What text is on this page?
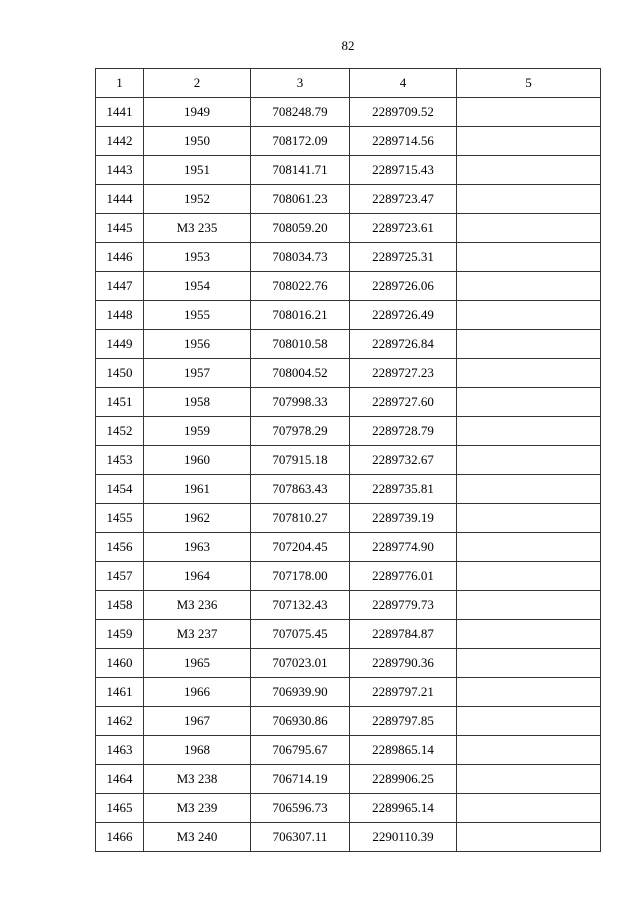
82
1	2	3	4	5
1441	1949	708248.79	2289709.52	
1442	1950	708172.09	2289714.56	
1443	1951	708141.71	2289715.43	
1444	1952	708061.23	2289723.47	
1445	МЗ 235	708059.20	2289723.61	
1446	1953	708034.73	2289725.31	
1447	1954	708022.76	2289726.06	
1448	1955	708016.21	2289726.49	
1449	1956	708010.58	2289726.84	
1450	1957	708004.52	2289727.23	
1451	1958	707998.33	2289727.60	
1452	1959	707978.29	2289728.79	
1453	1960	707915.18	2289732.67	
1454	1961	707863.43	2289735.81	
1455	1962	707810.27	2289739.19	
1456	1963	707204.45	2289774.90	
1457	1964	707178.00	2289776.01	
1458	МЗ 236	707132.43	2289779.73	
1459	МЗ 237	707075.45	2289784.87	
1460	1965	707023.01	2289790.36	
1461	1966	706939.90	2289797.21	
1462	1967	706930.86	2289797.85	
1463	1968	706795.67	2289865.14	
1464	МЗ 238	706714.19	2289906.25	
1465	МЗ 239	706596.73	2289965.14	
1466	МЗ 240	706307.11	2290110.39	
